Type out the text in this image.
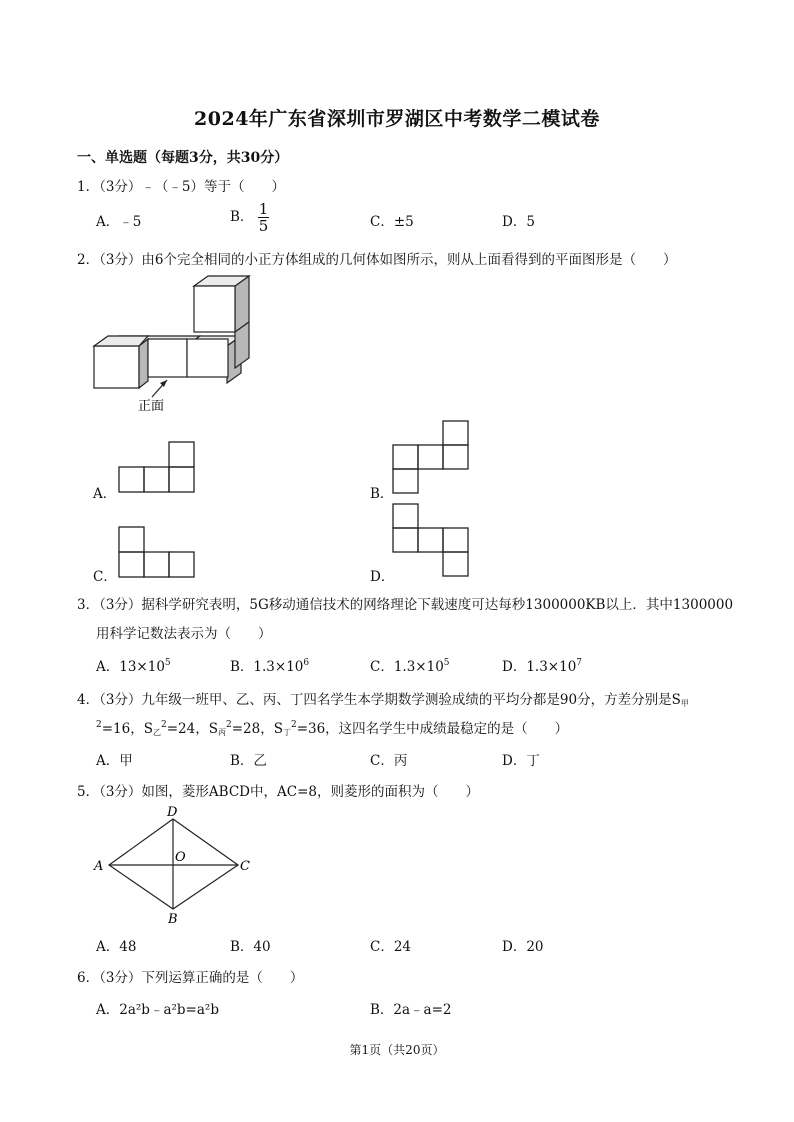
2024年广东省深圳市罗湖区中考数学二模试卷
一、单选题（每题3分，共30分）
1．（3分）﹣（﹣5）等于（　　）
A．﹣5	B． $\frac{1}{5}$	C．±5	D．5
2．（3分）由6个完全相同的小正方体组成的几何体如图所示，则从上面看得到的平面图形是（　　）
正面
A．	B．
C．	D．
3．（3分）据科学研究表明，5G移动通信技术的网络理论下载速度可达每秒1300000KB以上．其中1300000
用科学记数法表示为（　　）
A．$13\times 10^5$	B．$1.3\times 10^6$	C．$1.3\times 10^5$	D．$1.3\times 10^7$
4．（3分）九年级一班甲、乙、丙、丁四名学生本学期数学测验成绩的平均分都是90分，方差分别是$S_甲$
$^2$=16，$S_乙^2=24$，$S_丙^2=28$，$S_丁^2=36$，这四名学生中成绩最稳定的是（　　）
A．甲	B．乙	C．丙	D．丁
5．（3分）如图，菱形ABCD中，AC=8，则菱形的面积为（　　）
D
A	C
B
O
A．48	B．40	C．24	D．20
6．（3分）下列运算正确的是（　　）
A．2a²b﹣a²b=a²b	B．2a﹣a=2
第1页（共20页）
